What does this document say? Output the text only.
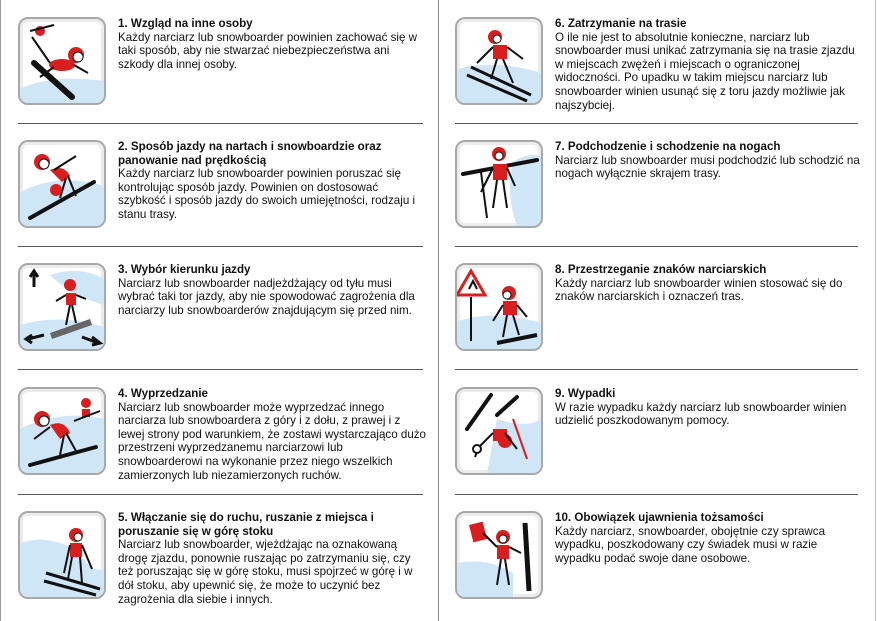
1. Wzgląd na inne osoby

Każdy narciarz lub snowboarder powinien zachować się w taki sposób, aby nie stwarzać niebezpieczeństwa ani szkody dla innej osoby.

2. Sposób jazdy na nartach i snowboardzie oraz panowanie nad prędkością

Każdy narciarz lub snowboarder powinien poruszać się kontrolując sposób jazdy. Powinien on dostosować szybkość i sposób jazdy do swoich umiejętności, rodzaju i stanu trasy.

3. Wybór kierunku jazdy

Narciarz lub snowboarder nadjeżdżający od tyłu musi wybrać taki tor jazdy, aby nie spowodować zagrożenia dla narciarzy lub snowboarderów znajdującym się przed nim.

4. Wyprzedzanie

Narciarz lub snowboarder może wyprzedzać innego narciarza lub snowboardera z góry i z dołu, z prawej i z lewej strony pod warunkiem, że zostawi wystarczająco dużo przestrzeni wyprzedzanemu narciarzowi lub snowboarderowi na wykonanie przez niego wszelkich zamierzonych lub niezamierzonych ruchów.

5. Włączanie się do ruchu, ruszanie z miejsca i poruszanie się w górę stoku

Narciarz lub snowboarder, wjeżdżając na oznakowaną drogę zjazdu, ponownie ruszając po zatrzymaniu się, czy też poruszając się w górę stoku, musi spojrzeć w górę i w dół stoku, aby upewnić się, że może to uczynić bez zagrożenia dla siebie i innych.

6. Zatrzymanie na trasie

O ile nie jest to absolutnie konieczne, narciarz lub snowboarder musi unikać zatrzymania się na trasie zjazdu w miejscach zwężeń i miejscach o ograniczonej widoczności. Po upadku w takim miejscu narciarz lub snowboarder winien usunąć się z toru jazdy możliwie jak najszybciej.

7. Podchodzenie i schodzenie na nogach

Narciarz lub snowboarder musi podchodzić lub schodzić na nogach wyłącznie skrajem trasy.

8. Przestrzeganie znaków narciarskich

Każdy narciarz lub snowboarder winien stosować się do znaków narciarskich i oznaczeń tras.

9. Wypadki

W razie wypadku każdy narciarz lub snowboarder winien udzielić poszkodowanym pomocy.

10. Obowiązek ujawnienia tożsamości

Każdy narciarz, snowboarder, obojętnie czy sprawca wypadku, poszkodowany czy świadek musi w razie wypadku podać swoje dane osobowe.
